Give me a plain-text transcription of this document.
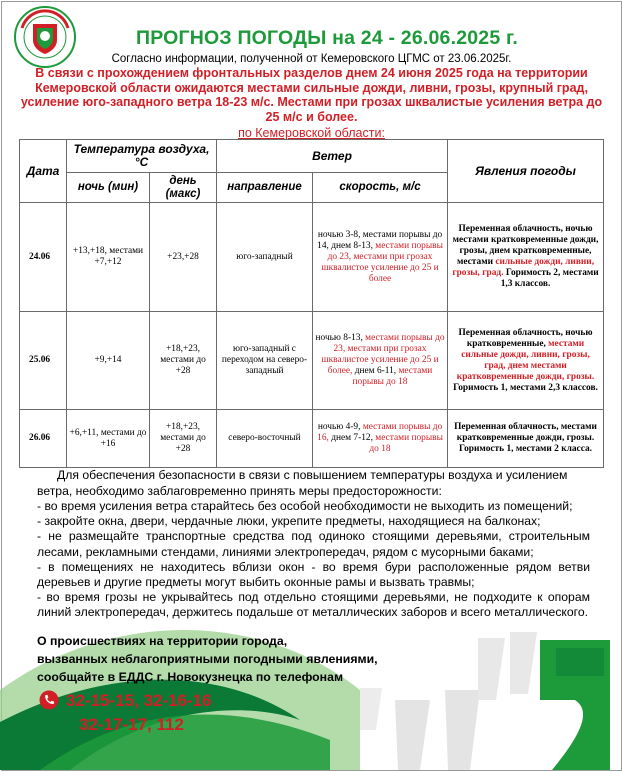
ПРОГНОЗ ПОГОДЫ на 24 - 26.06.2025 г.
Согласно информации, полученной от Кемеровского ЦГМС от 23.06.2025г.
В связи с прохождением фронтальных разделов днем 24 июня 2025 года на территории Кемеровской области ожидаются местами сильные дожди, ливни, грозы, крупный град, усиление юго-западного ветра 18-23 м/с. Местами при грозах шквалистые усиления ветра до 25 м/с и более.
по Кемеровской области:
Дата	Температура воздуха, °С		Ветер		Явления погоды
	ночь (мин)	день (макс)	направление	скорость, м/с	
24.06	+13,+18, местами +7,+12	+23,+28	юго-западный	ночью 3-8, местами порывы до 14, днем 8-13, местами порывы до 23, местами при грозах шквалистое усиление до 25 и более	Переменная облачность, ночью местами кратковременные дожди, грозы, днем кратковременные, местами сильные дожди, ливни, грозы, град. Горимость 2, местами 1,3 классов.
25.06	+9,+14	+18,+23, местами до +28	юго-западный с переходом на северо-западный	ночью 8-13, местами порывы до 23, местами при грозах шквалистое усиление до 25 и более, днем 6-11, местами порывы до 18	Переменная облачность, ночью кратковременные, местами сильные дожди, ливни, грозы, град, днем местами кратковременные дожди, грозы. Горимость 1, местами 2,3 классов.
26.06	+6,+11, местами до +16	+18,+23, местами до +28	северо-восточный	ночью 4-9, местами порывы до 16, днем 7-12, местами порывы до 18	Переменная облачность, местами кратковременные дожди, грозы. Горимость 1, местами 2 класса.
Для обеспечения безопасности в связи с повышением температуры воздуха и усилением ветра, необходимо заблаговременно принять меры предосторожности:
- во время усиления ветра старайтесь без особой необходимости не выходить из помещений;
- закройте окна, двери, чердачные люки, укрепите предметы, находящиеся на балконах;
- не размещайте транспортные средства под одиноко стоящими деревьями, строительным лесами, рекламными стендами, линиями электропередач, рядом с мусорными баками;
- в помещениях не находитесь вблизи окон - во время бури расположенные рядом ветви деревьев и другие предметы могут выбить оконные рамы и вызвать травмы;
- во время грозы не укрывайтесь под отдельно стоящими деревьями, не подходите к опорам линий электропередач, держитесь подальше от металлических заборов и всего металлического.
О происшествиях на территории города,
вызванных неблагоприятными погодными явлениями,
сообщайте в ЕДДС г. Новокузнецка по телефонам
32-15-15, 32-16-16
32-17-17, 112
